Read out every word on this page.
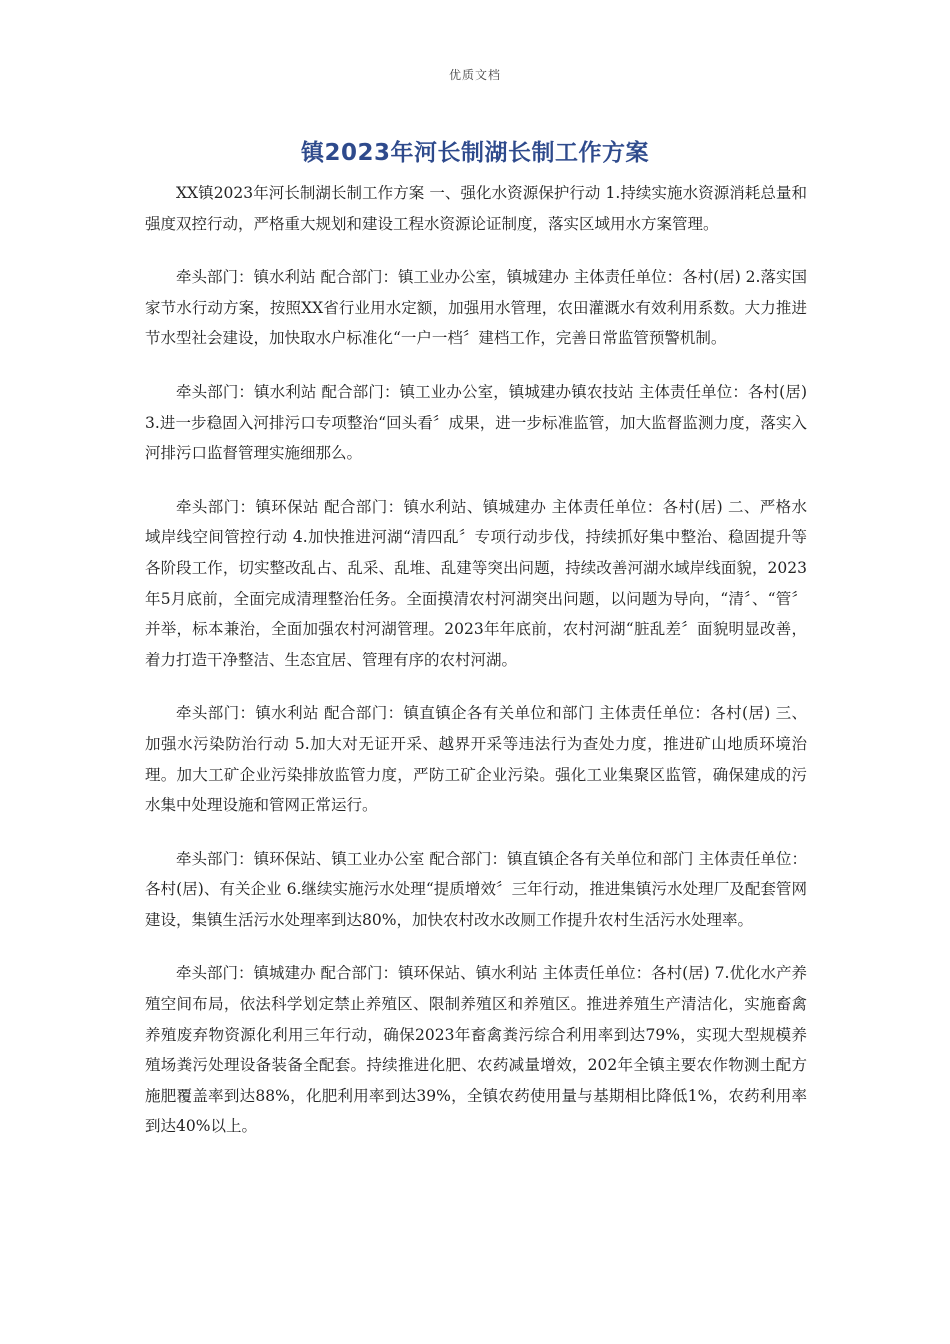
优质文档
镇2023年河长制湖长制工作方案

XX镇2023年河长制湖长制工作方案 一、强化水资源保护行动 1.持续实施水资源消耗总量和强度双控行动，严格重大规划和建设工程水资源论证制度，落实区域用水方案管理。

牵头部门：镇水利站 配合部门：镇工业办公室，镇城建办 主体责任单位：各村(居) 2.落实国家节水行动方案，按照XX省行业用水定额，加强用水管理，农田灌溉水有效利用系数。大力推进节水型社会建设，加快取水户标准化“一户一档〞建档工作，完善日常监管预警机制。

牵头部门：镇水利站 配合部门：镇工业办公室，镇城建办镇农技站 主体责任单位：各村(居) 3.进一步稳固入河排污口专项整治“回头看〞成果，进一步标准监管，加大监督监测力度，落实入河排污口监督管理实施细那么。

牵头部门：镇环保站 配合部门：镇水利站、镇城建办 主体责任单位：各村(居) 二、严格水域岸线空间管控行动 4.加快推进河湖“清四乱〞专项行动步伐，持续抓好集中整治、稳固提升等各阶段工作，切实整改乱占、乱采、乱堆、乱建等突出问题，持续改善河湖水域岸线面貌，2023年5月底前，全面完成清理整治任务。全面摸清农村河湖突出问题，以问题为导向，“清〞、“管〞并举，标本兼治，全面加强农村河湖管理。2023年年底前，农村河湖“脏乱差〞面貌明显改善，着力打造干净整洁、生态宜居、管理有序的农村河湖。

牵头部门：镇水利站 配合部门：镇直镇企各有关单位和部门 主体责任单位：各村(居) 三、加强水污染防治行动 5.加大对无证开采、越界开采等违法行为查处力度，推进矿山地质环境治理。加大工矿企业污染排放监管力度，严防工矿企业污染。强化工业集聚区监管，确保建成的污水集中处理设施和管网正常运行。

牵头部门：镇环保站、镇工业办公室 配合部门：镇直镇企各有关单位和部门 主体责任单位：各村(居)、有关企业 6.继续实施污水处理“提质增效〞三年行动，推进集镇污水处理厂及配套管网建设，集镇生活污水处理率到达80%，加快农村改水改厕工作提升农村生活污水处理率。

牵头部门：镇城建办 配合部门：镇环保站、镇水利站 主体责任单位：各村(居) 7.优化水产养殖空间布局，依法科学划定禁止养殖区、限制养殖区和养殖区。推进养殖生产清洁化，实施畜禽养殖废弃物资源化利用三年行动，确保2023年畜禽粪污综合利用率到达79%，实现大型规模养殖场粪污处理设备装备全配套。持续推进化肥、农药减量增效，202年全镇主要农作物测土配方施肥覆盖率到达88%，化肥利用率到达39%，全镇农药使用量与基期相比降低1%，农药利用率到达40%以上。
